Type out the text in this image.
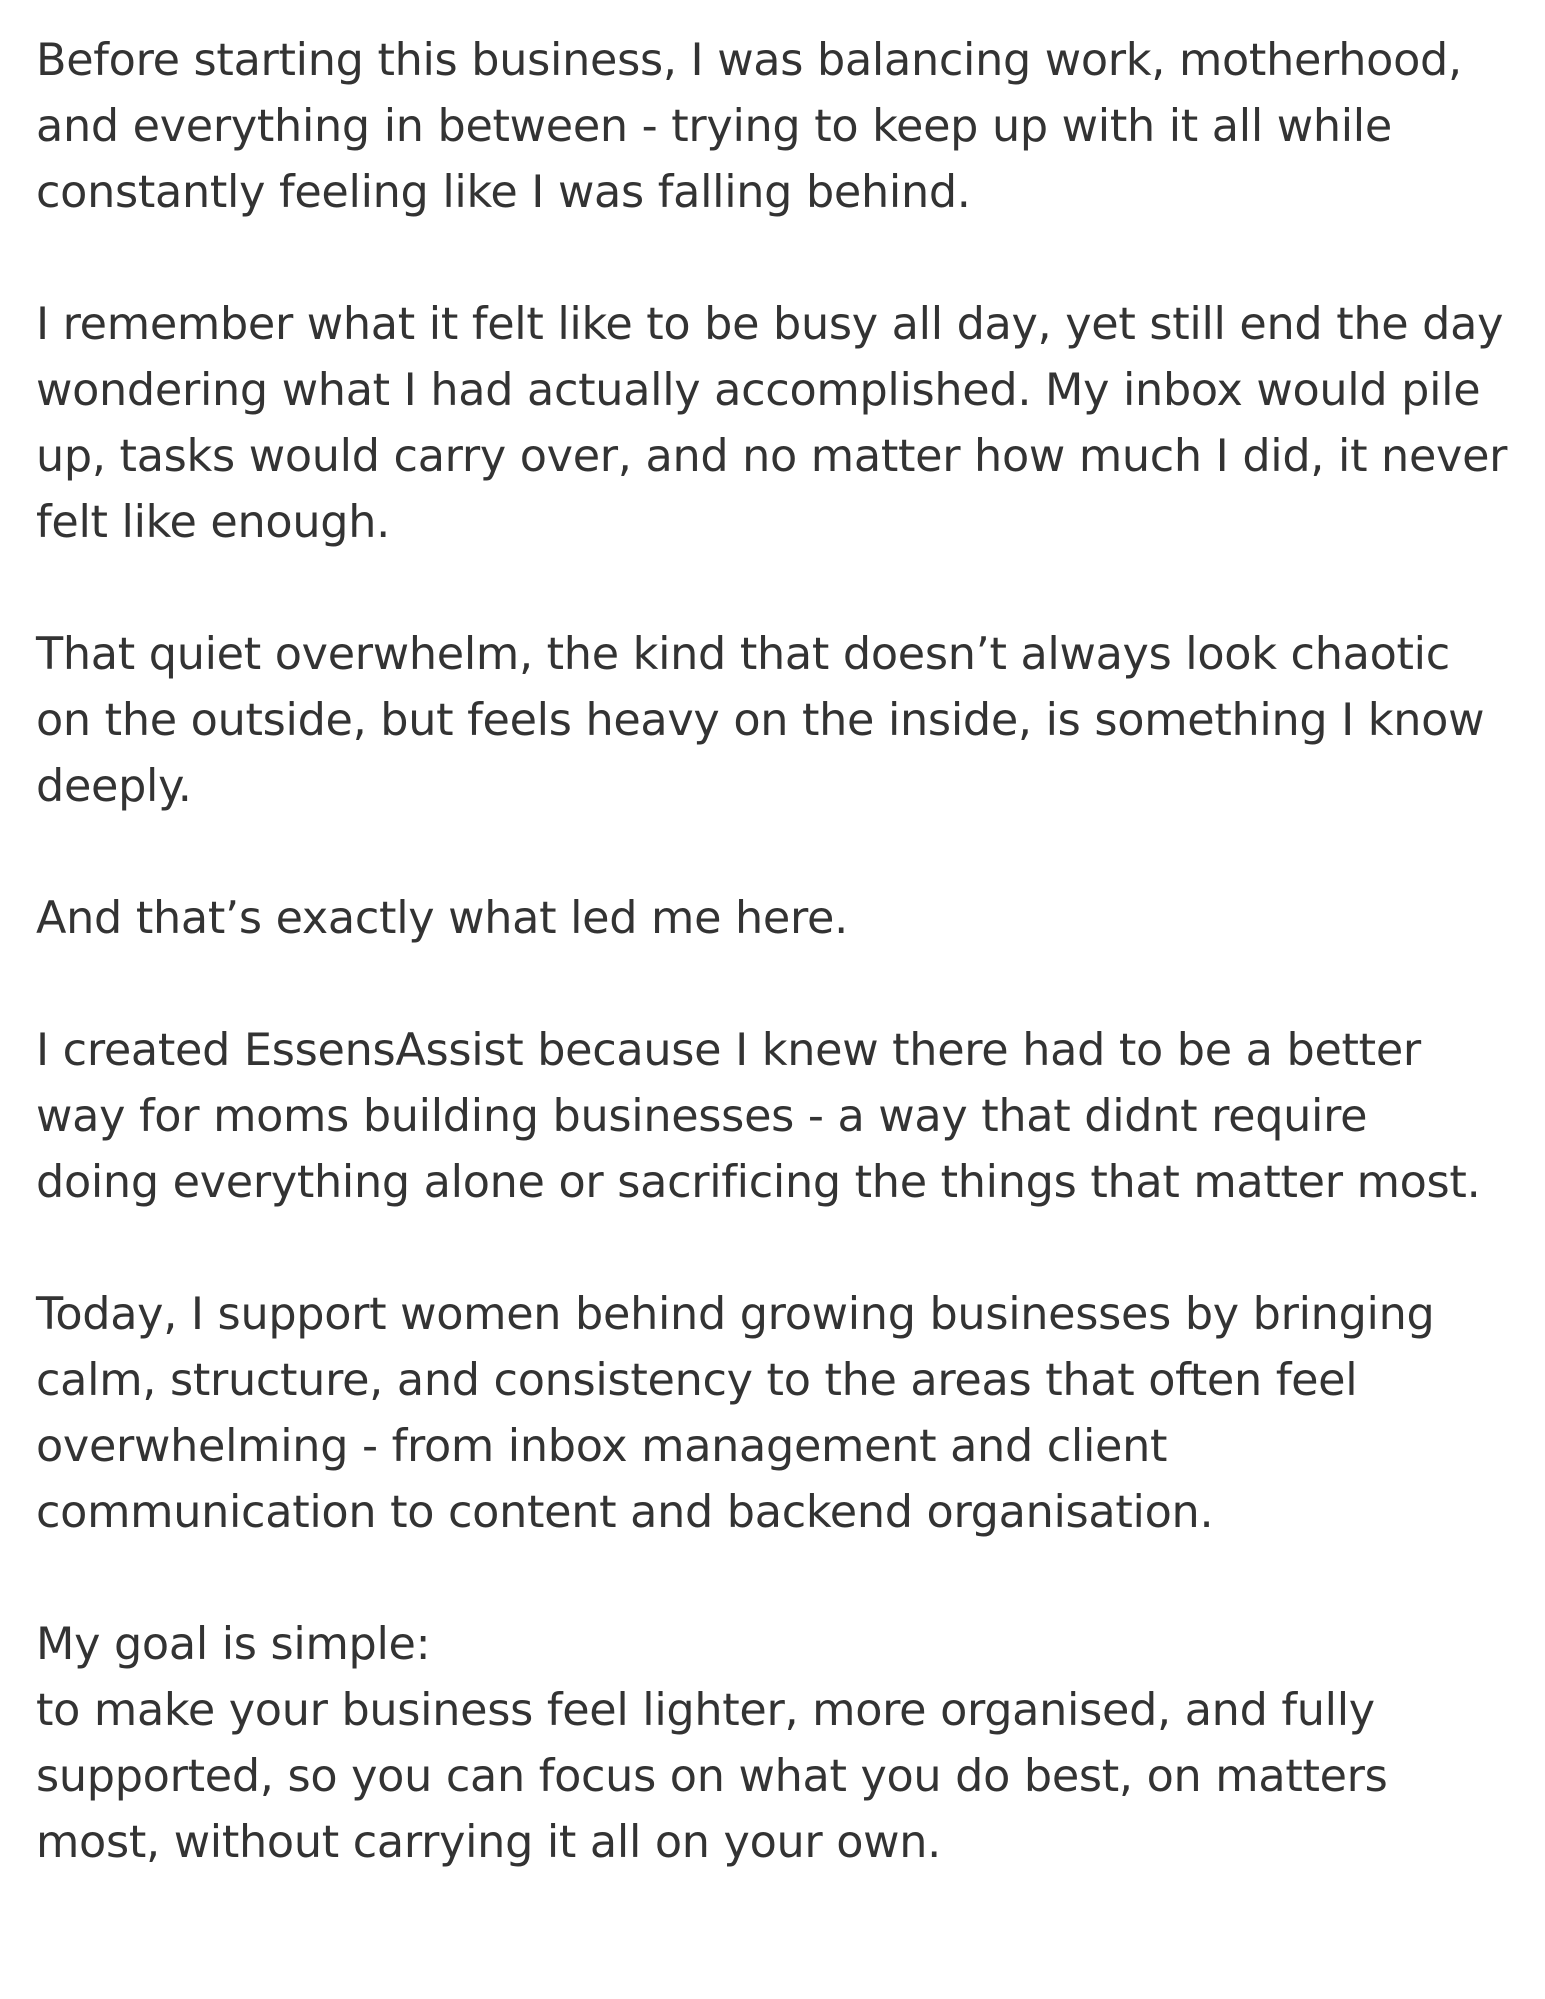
Before starting this business, I was balancing work, motherhood,
and everything in between - trying to keep up with it all while
constantly feeling like I was falling behind.

I remember what it felt like to be busy all day, yet still end the day
wondering what I had actually accomplished. My inbox would pile
up, tasks would carry over, and no matter how much I did, it never
felt like enough.

That quiet overwhelm, the kind that doesn’t always look chaotic
on the outside, but feels heavy on the inside, is something I know
deeply.

And that’s exactly what led me here.

I created EssensAssist because I knew there had to be a better
way for moms building businesses - a way that didnt require
doing everything alone or sacrificing the things that matter most.

Today, I support women behind growing businesses by bringing
calm, structure, and consistency to the areas that often feel
overwhelming - from inbox management and client
communication to content and backend organisation.

My goal is simple:
to make your business feel lighter, more organised, and fully
supported, so you can focus on what you do best, on matters
most, without carrying it all on your own.
